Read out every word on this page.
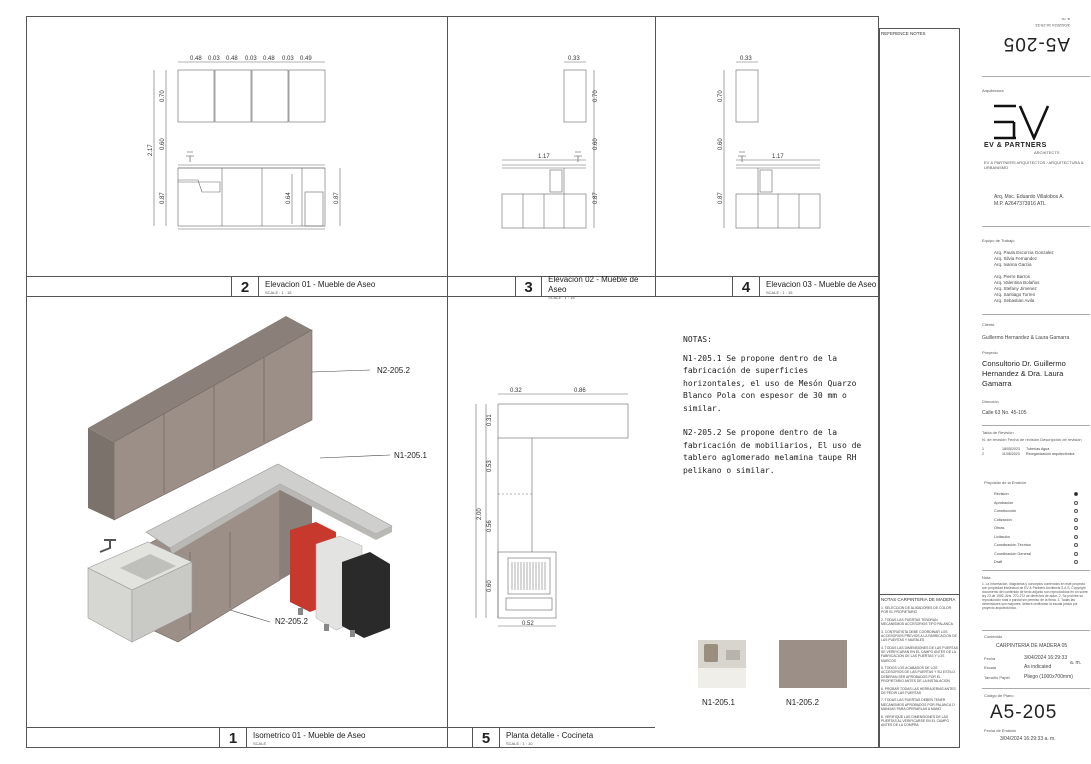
2	Elevacion 01 - Mueble de Aseo
SCALE : 1 : 15	3	Elevacion 02 - Mueble de Aseo
SCALE : 1 : 15
4	Elevacion 03 - Mueble de Aseo
SCALE : 1 : 15
1	Isometrico 01 - Mueble de Aseo
SCALE	5	Planta detalle - Cocineta
SCALE : 1 : 10
0.48 0.03 0.48 0.03 0.48 0.03 0.49
0.70
0.60
0.87
2.17
0.64	0.87
0.33
1.17
0.70
0.60
0.87
0.33
1.17
0.70
0.60
0.87
N2-205.2
N1-205.1
N2-205.2
0.32	0.86
0.31
0.53
0.56
0.60
2.00
0.52
NOTAS:
N1-205.1 Se propone dentro de la fabricación de superficies horizontales, el uso de Mesón Quarzo Blanco Pola con espesor de 30 mm o similar.
N2-205.2 Se propone dentro de la fabricación de mobiliarios, El uso de tablero aglomerado melamina taupe RH pelikano o similar.
N1-205.1	N1-205.2
REFERENCE NOTES
NOTAS CARPINTERIA DE MADERA
1. SELECCION DE ALISADORES DE COLOR POR EL PROPIETARIO
2. TODAS LAS PUERTAS TENDRAN MECANISMOS ACCESORIOS TIPO PALANCA
3. CONTRATISTA DEBE COORDINAR LOS ACCESORIOS PREVIOS A LA FABRICACION DE LAS PUERTAS Y MUEBLES
4. TODAS LAS DIMENSIONES DE LAS PUERTAS SE VERIFICARAN EN EL CAMPO ANTES DE LA FABRICACION DE LAS PUERTAS Y LOS MARCOS
5. TODOS LOS ACABADOS DE LOS ACCESORIOS DE LAS PUERTAS Y SU ESTILO DEBERAN SER APROBADOS POR EL PROPIETARIO ANTES DE LA INSTALACION
6. PROBAR TODAS LAS HERRAJERIAS ANTES DE PEDIR LAS PUERTAS
7. TODAS LAS PUERTAS DEBEN TENER MECANISMOS APROBADOS POR PALANCA O MANIJAS PARA OPERARLAS A MANO
8. VERIFIQUE LAS DIMENSIONES DE LAS PUERTAS AL VERIFICARSE EN EL CAMPO ANTES DE LA COMPRA
3/04/2024 16:29:33
a. m.
A5-205
Arquitectura
EV & PARTNERS
ARCHITECTS
EV & PARTNERS ARQUITECTOS / ARQUITECTURA & URBANISMO
Arq. Msc. Eduardo Villalobos A.
M.P. A2647373916 ATL
Equipo de Trabajo
Arq. Paula Escorcia Gonzalez
Arq. Silvia Fernandez
Arq. Ivanna Garcia
Arq. Pierre Barros
Arq. Valentina Bolaños
Arq. Stefany Jimenez
Arq. Santiago Torres
Arq. Sebastian Avila
Cliente
Guillermo Hernandez & Laura Gamarra
Proyecto
Consultorio Dr. Guillermo Hernandez & Dra. Laura Gamarra
Dirección
Calle 63 No. 45-105
Tabla de Revisión
N. de revisión Fecha de revisión Descripción de revisión
1	18/05/2023	Tuberías Agua
2	11/06/2023	Reorganización arquitectónica
Propósito de la Emisión
Revisión
Aprobación
Construcción
Cotización
Obras
Licitación
Coordinación Técnica
Coordinación General
Draft
Nota
1. La información, diagramas y conceptos contenidos en este proyecto son propiedad intelectual de EV & Partners Architects S.A.S. Copyright documento del contenido de texto adjunto son reproducidos en un sobre ley 23 de 1982, Arts. 270-272 de derechos de autor. 2. Se prohíbe su reproducción total o parcial sin permiso de la firma. 3. Todas las dimensiones son mayores; deberá verificarse la escala juntos por proyecto arquitectónico.
Contenido
CARPINTERIA DE MADERA 05
Fecha	3/04/2024 16:29:33
a. m.
Escala	As indicated
Tamaño Papel	Pliego (1000x700mm)
Código de Plano
A5-205
Fecha de Emisión
3/04/2024 16:29:33 a. m.
